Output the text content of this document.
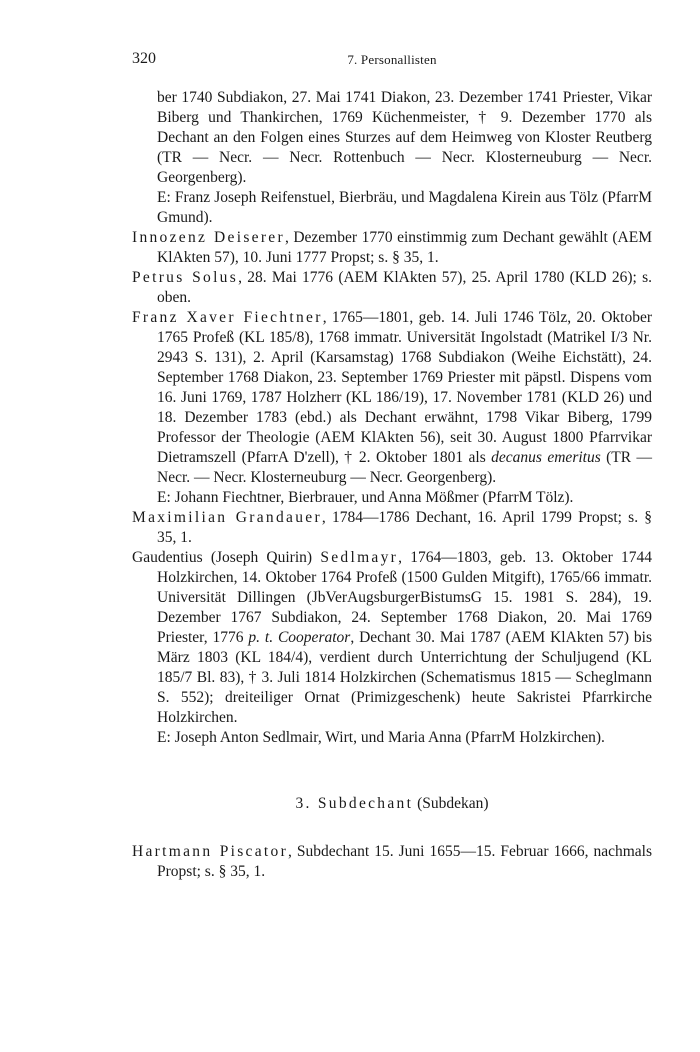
320	7. Personallisten
ber 1740 Subdiakon, 27. Mai 1741 Diakon, 23. Dezember 1741 Priester, Vikar Biberg und Thankirchen, 1769 Küchenmeister, † 9. Dezember 1770 als Dechant an den Folgen eines Sturzes auf dem Heimweg von Kloster Reutberg (TR — Necr. — Necr. Rottenbuch — Necr. Klosterneuburg — Necr. Georgenberg).
E: Franz Joseph Reifenstuel, Bierbräu, und Magdalena Kirein aus Tölz (PfarrM Gmund).
Innozenz Deiserer, Dezember 1770 einstimmig zum Dechant gewählt (AEM KlAkten 57), 10. Juni 1777 Propst; s. § 35, 1.
Petrus Solus, 28. Mai 1776 (AEM KlAkten 57), 25. April 1780 (KLD 26); s. oben.
Franz Xaver Fiechtner, 1765—1801, geb. 14. Juli 1746 Tölz, 20. Oktober 1765 Profeß (KL 185/8), 1768 immatr. Universität Ingolstadt (Matrikel I/3 Nr. 2943 S. 131), 2. April (Karsamstag) 1768 Subdiakon (Weihe Eichstätt), 24. September 1768 Diakon, 23. September 1769 Priester mit päpstl. Dispens vom 16. Juni 1769, 1787 Holzherr (KL 186/19), 17. November 1781 (KLD 26) und 18. Dezember 1783 (ebd.) als Dechant erwähnt, 1798 Vikar Biberg, 1799 Professor der Theologie (AEM KlAkten 56), seit 30. August 1800 Pfarrvikar Dietramszell (PfarrA D'zell), † 2. Oktober 1801 als decanus emeritus (TR — Necr. — Necr. Klosterneuburg — Necr. Georgenberg).
E: Johann Fiechtner, Bierbrauer, und Anna Mößmer (PfarrM Tölz).
Maximilian Grandauer, 1784—1786 Dechant, 16. April 1799 Propst; s. § 35, 1.
Gaudentius (Joseph Quirin) Sedlmayr, 1764—1803, geb. 13. Oktober 1744 Holzkirchen, 14. Oktober 1764 Profeß (1500 Gulden Mitgift), 1765/66 immatr. Universität Dillingen (JbVerAugsburgerBistumsG 15. 1981 S. 284), 19. Dezember 1767 Subdiakon, 24. September 1768 Diakon, 20. Mai 1769 Priester, 1776 p. t. Cooperator, Dechant 30. Mai 1787 (AEM KlAkten 57) bis März 1803 (KL 184/4), verdient durch Unterrichtung der Schuljugend (KL 185/7 Bl. 83), † 3. Juli 1814 Holzkirchen (Schematismus 1815 — Scheglmann S. 552); dreiteiliger Ornat (Primizgeschenk) heute Sakristei Pfarrkirche Holzkirchen.
E: Joseph Anton Sedlmair, Wirt, und Maria Anna (PfarrM Holzkirchen).
3. Subdechant (Subdekan)
Hartmann Piscator, Subdechant 15. Juni 1655—15. Februar 1666, nachmals Propst; s. § 35, 1.
